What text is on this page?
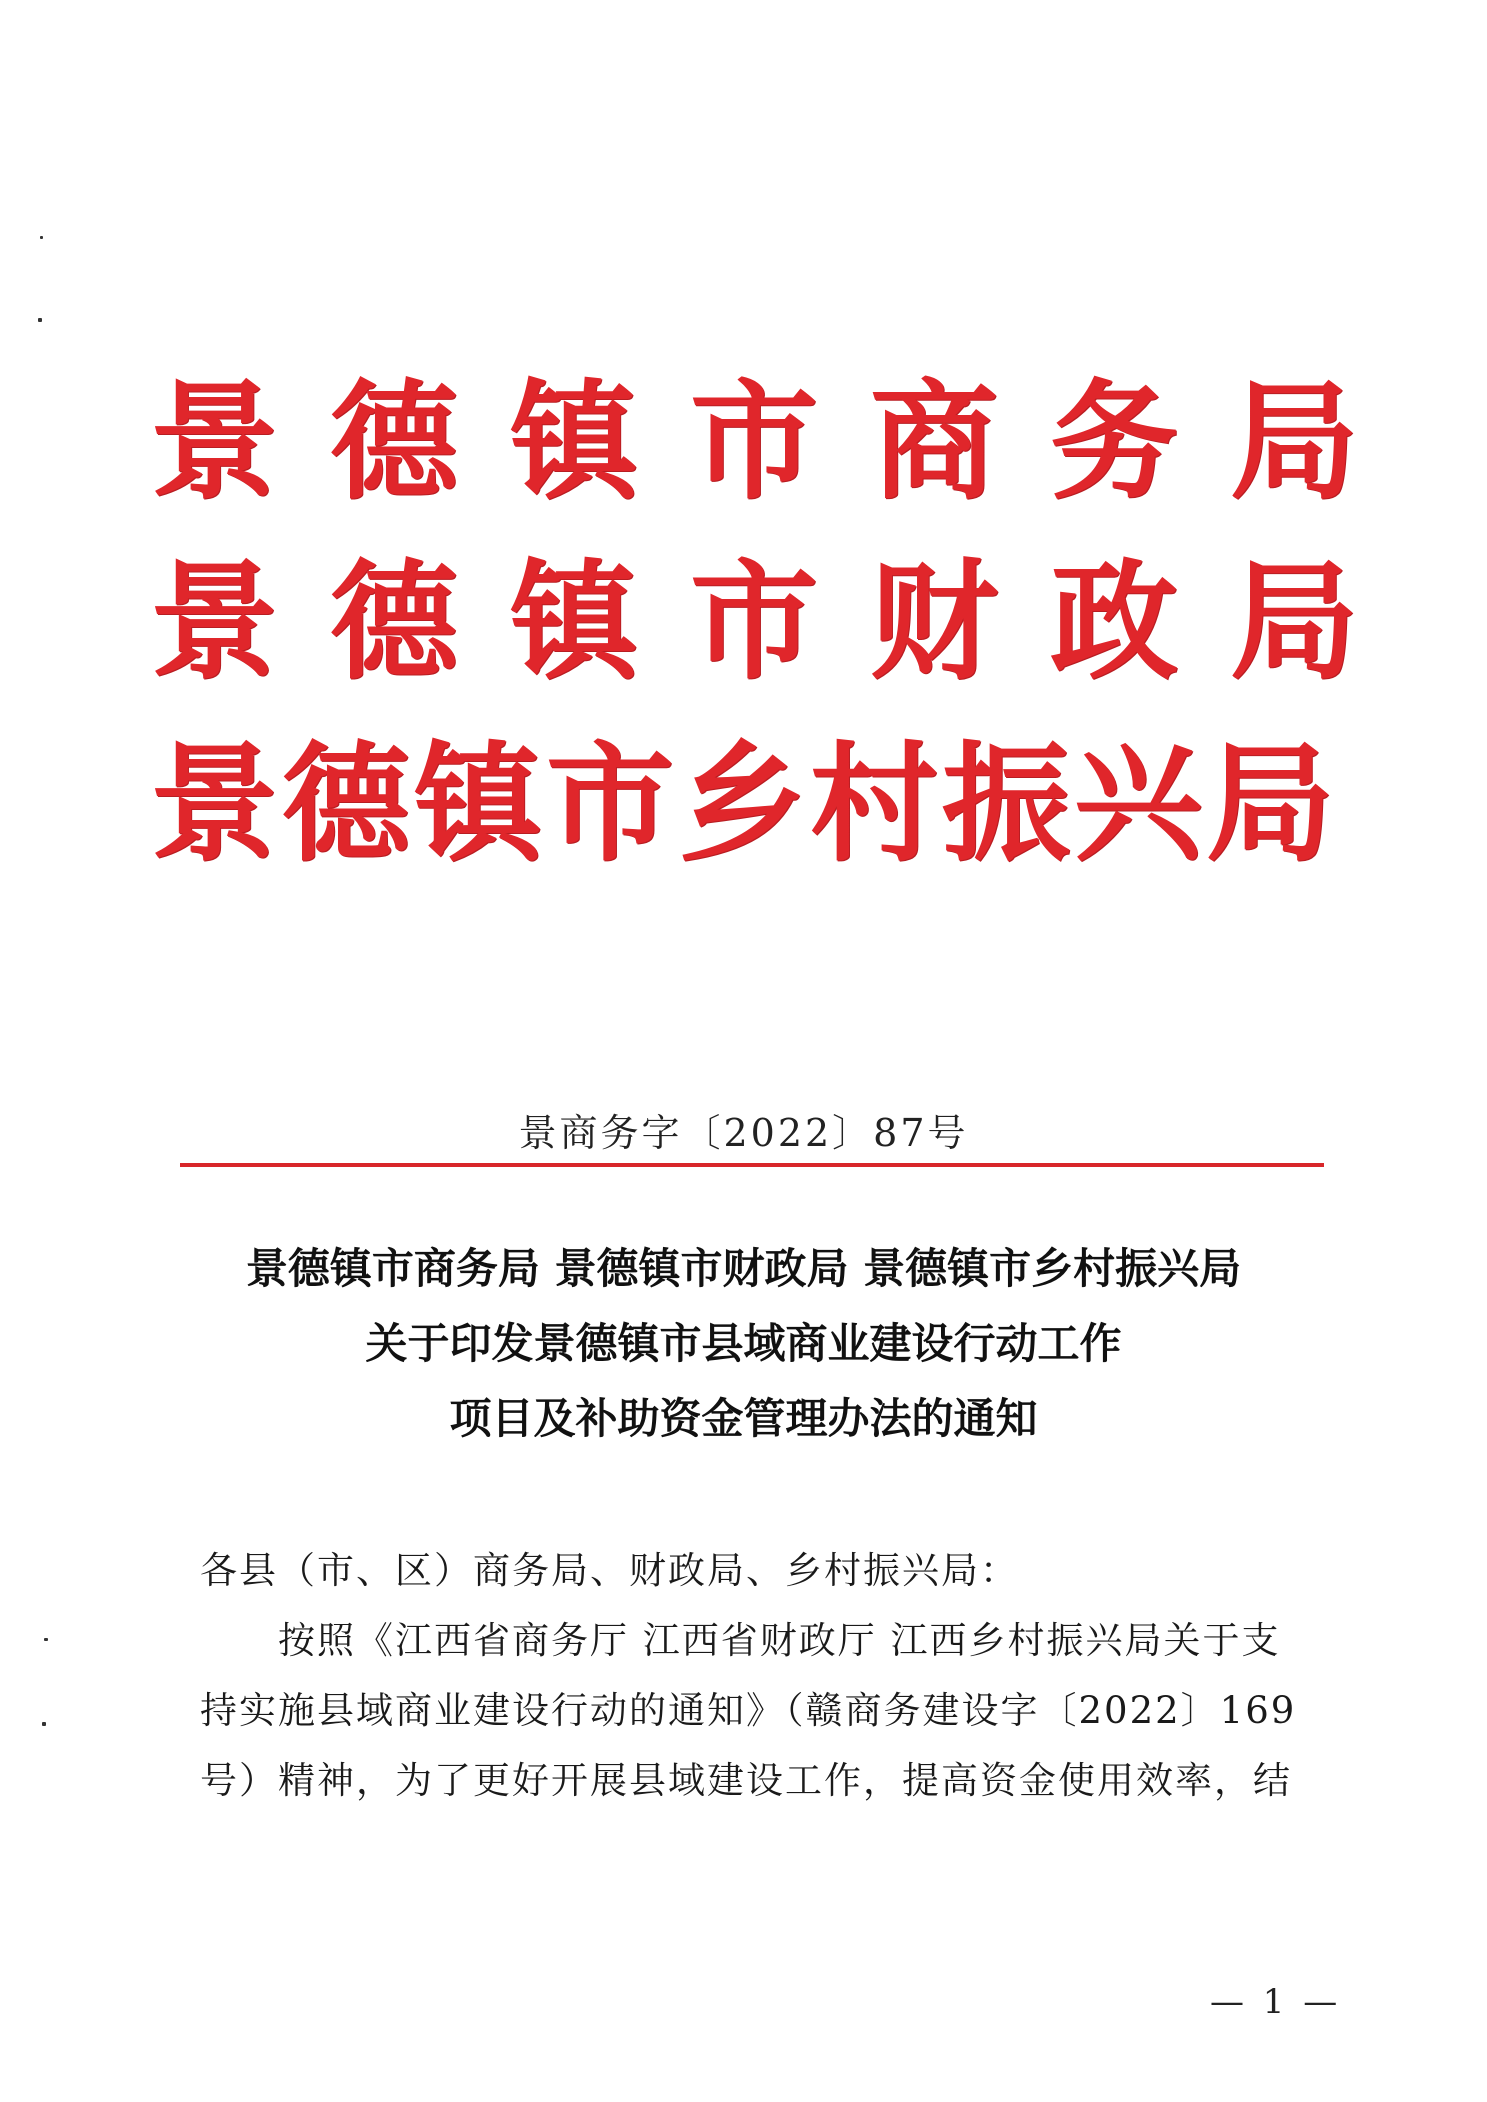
景德镇市商务局
景德镇市财政局
景德镇市乡村振兴局
景商务字〔2022〕87号
景德镇市商务局 景德镇市财政局 景德镇市乡村振兴局
关于印发景德镇市县域商业建设行动工作
项目及补助资金管理办法的通知
各县（市、区）商务局、财政局、乡村振兴局：
按照《江西省商务厅 江西省财政厅 江西乡村振兴局关于支
持实施县域商业建设行动的通知》（赣商务建设字〔2022〕169
号）精神，为了更好开展县域建设工作，提高资金使用效率，结
— 1 —
